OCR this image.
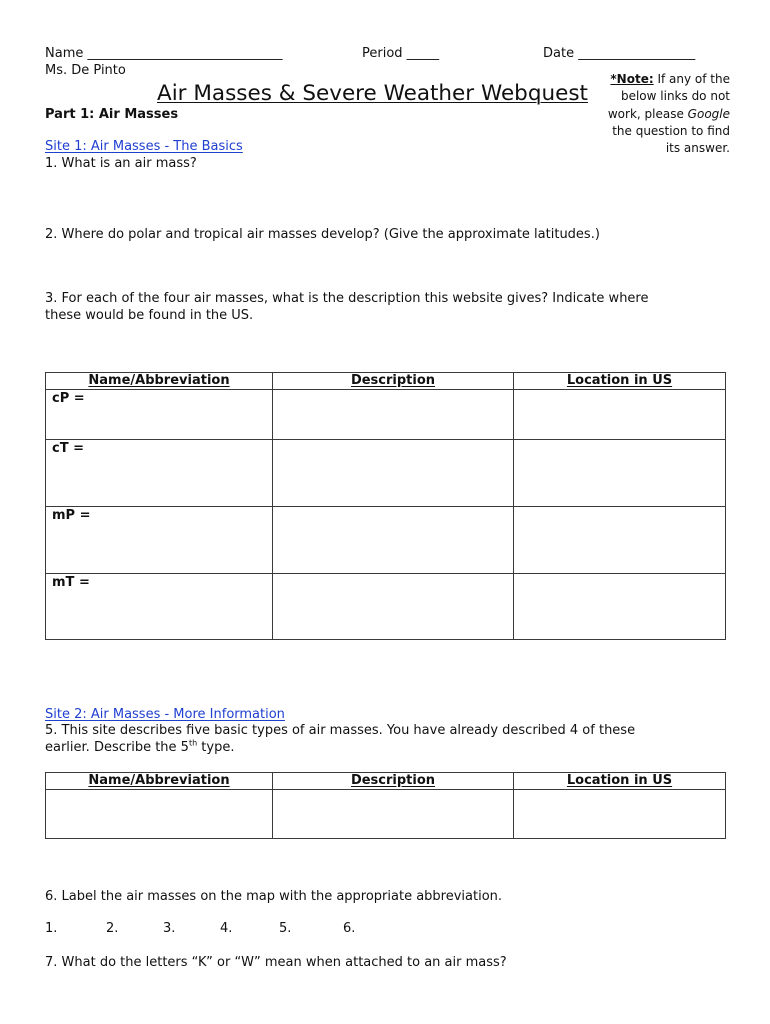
Name ______________________________	Period _____	Date __________________
Ms. De Pinto
Air Masses & Severe Weather Webquest
*Note: If any of the below links do not work, please Google the question to find its answer.
Part 1: Air Masses
Site 1: Air Masses - The Basics
1. What is an air mass?
2. Where do polar and tropical air masses develop? (Give the approximate latitudes.)
3. For each of the four air masses, what is the description this website gives? Indicate where
these would be found in the US.
Name/Abbreviation	Description	Location in US
cP =		
cT =		
mP =		
mT =		
Site 2: Air Masses - More Information
5. This site describes five basic types of air masses. You have already described 4 of these
earlier. Describe the 5th type.
Name/Abbreviation	Description	Location in US

6. Label the air masses on the map with the appropriate abbreviation.
1.	2.	3.	4.	5.	6.
7. What do the letters “K” or “W” mean when attached to an air mass?
